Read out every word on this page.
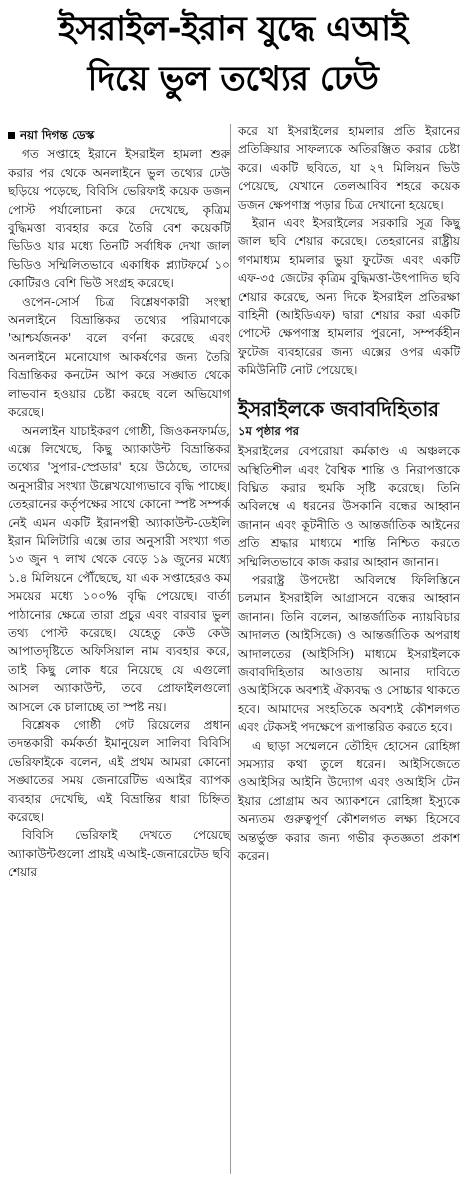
ইসরাইল-ইরান যুদ্ধে এআই
দিয়ে ভুল তথ্যের ঢেউ
নয়া দিগন্ত ডেস্ক

গত সপ্তাহে ইরানে ইসরাইল হামলা শুরু করার পর থেকে অনলাইনে ভুল তথ্যের ঢেউ ছড়িয়ে পড়েছে, বিবিসি ভেরিফাই কয়েক ডজন পোস্ট পর্যালোচনা করে দেখেছে, কৃত্রিম বুদ্ধিমত্তা ব্যবহার করে তৈরি বেশ কয়েকটি ভিডিও যার মধ্যে তিনটি সর্বাধিক দেখা জাল ভিডিও সম্মিলিতভাবে একাধিক প্ল্যাটফর্মে ১০ কোটিরও বেশি ভিউ সংগ্রহ করেছে।

ওপেন-সোর্স চিত্র বিশ্লেষণকারী সংস্থা অনলাইনে বিভ্রান্তিকর তথ্যের পরিমাণকে 'আশ্চর্যজনক' বলে বর্ণনা করেছে এবং অনলাইনে মনোযোগ আকর্ষণের জন্য তৈরি বিভ্রান্তিকর কনটেন আপ করে সঙ্ঘাত থেকে লাভবান হওয়ার চেষ্টা করছে বলে অভিযোগ করেছে।

অনলাইন যাচাইকরণ গোষ্ঠী, জিওকনফার্মড, এক্সে লিখেছে, কিছু অ্যাকাউন্ট বিভ্রান্তিকর তথ্যের 'সুপার-স্প্রেডার' হয়ে উঠেছে, তাদের অনুসারীর সংখ্যা উল্লেখযোগ্যভাবে বৃদ্ধি পাচ্ছে। তেহরানের কর্তৃপক্ষের সাথে কোনো স্পষ্ট সম্পর্ক নেই এমন একটি ইরানপন্থী অ্যাকাউন্ট-ডেইলি ইরান মিলিটারি এক্সে তার অনুসারী সংখ্যা গত ১৩ জুন ৭ লাখ থেকে বেড়ে ১৯ জুনের মধ্যে ১.৪ মিলিয়নে পৌঁছেছে, যা এক সপ্তাহেরও কম সময়ের মধ্যে ১০০% বৃদ্ধি পেয়েছে। বার্তা পাঠানোর ক্ষেত্রে তারা প্রচুর এবং বারবার ভুল তথ্য পোস্ট করেছে। যেহেতু কেউ কেউ আপাতদৃষ্টিতে অফিসিয়াল নাম ব্যবহার করে, তাই কিছু লোক ধরে নিয়েছে যে এগুলো আসল অ্যাকাউন্ট, তবে প্রোফাইলগুলো আসলে কে চালাচ্ছে তা স্পষ্ট নয়।

বিশ্লেষক গোষ্ঠী গেট রিয়েলের প্রধান তদন্তকারী কর্মকর্তা ইমানুয়েল সালিবা বিবিসি ভেরিফাইকে বলেন, এই প্রথম আমরা কোনো সঙ্ঘাতের সময় জেনারেটিভ এআইর ব্যাপক ব্যবহার দেখেছি, এই বিভ্রান্তির ধারা চিহ্নিত করেছে।

বিবিসি ভেরিফাই দেখতে পেয়েছে অ্যাকাউন্টগুলো প্রায়ই এআই-জেনারেটেড ছবি শেয়ার

করে যা ইসরাইলের হামলার প্রতি ইরানের প্রতিক্রিয়ার সাফল্যকে অতিরঞ্জিত করার চেষ্টা করে। একটি ছবিতে, যা ২৭ মিলিয়ন ভিউ পেয়েছে, যেখানে তেলআবিব শহরে কয়েক ডজন ক্ষেপণাস্ত্র পড়ার চিত্র দেখানো হয়েছে।

ইরান এবং ইসরাইলের সরকারি সূত্র কিছু জাল ছবি শেয়ার করেছে। তেহরানের রাষ্ট্রীয় গণমাধ্যম হামলার ভুয়া ফুটেজ এবং একটি এফ-৩৫ জেটের কৃত্রিম বুদ্ধিমত্তা-উৎপাদিত ছবি শেয়ার করেছে, অন্য দিকে ইসরাইল প্রতিরক্ষা বাহিনী (আইডিএফ) দ্বারা শেয়ার করা একটি পোস্টে ক্ষেপণাস্ত্র হামলার পুরনো, সম্পর্কহীন ফুটেজ ব্যবহারের জন্য এক্সের ওপর একটি কমিউনিটি নোট পেয়েছে।

ইসরাইলকে জবাবদিহিতার
১ম পৃষ্ঠার পর

ইসরাইলের বেপরোয়া কর্মকাণ্ড এ অঞ্চলকে অস্থিতিশীল এবং বৈশ্বিক শান্তি ও নিরাপত্তাকে বিঘ্নিত করার হুমকি সৃষ্টি করেছে। তিনি অবিলম্বে এ ধরনের উসকানি বন্ধের আহ্বান জানান এবং কূটনীতি ও আন্তর্জাতিক আইনের প্রতি শ্রদ্ধার মাধ্যমে শান্তি নিশ্চিত করতে সম্মিলিতভাবে কাজ করার আহ্বান জানান।

পররাষ্ট্র উপদেষ্টা অবিলম্বে ফিলিস্তিনে চলমান ইসরাইলি আগ্রাসনে বন্ধের আহ্বান জানান। তিনি বলেন, আন্তর্জাতিক ন্যায়বিচার আদালত (আইসিজে) ও আন্তর্জাতিক অপরাধ আদালতের (আইসিসি) মাধ্যমে ইসরাইলকে জবাবদিহিতার আওতায় আনার দাবিতে ওআইসিকে অবশ্যই ঐক্যবদ্ধ ও সোচ্চার থাকতে হবে। আমাদের সংহতিকে অবশ্যই কৌশলগত এবং টেকসই পদক্ষেপে রূপান্তরিত করতে হবে।

এ ছাড়া সম্মেলনে তৌহিদ হোসেন রোহিঙ্গা সমস্যার কথা তুলে ধরেন। আইসিজেতে ওআইসির আইনি উদ্যোগ এবং ওআইসি টেন ইয়ার প্রোগ্রাম অব অ্যাকশনে রোহিঙ্গা ইস্যুকে অন্যতম গুরুত্বপূর্ণ কৌশলগত লক্ষ্য হিসেবে অন্তর্ভুক্ত করার জন্য গভীর কৃতজ্ঞতা প্রকাশ করেন।
